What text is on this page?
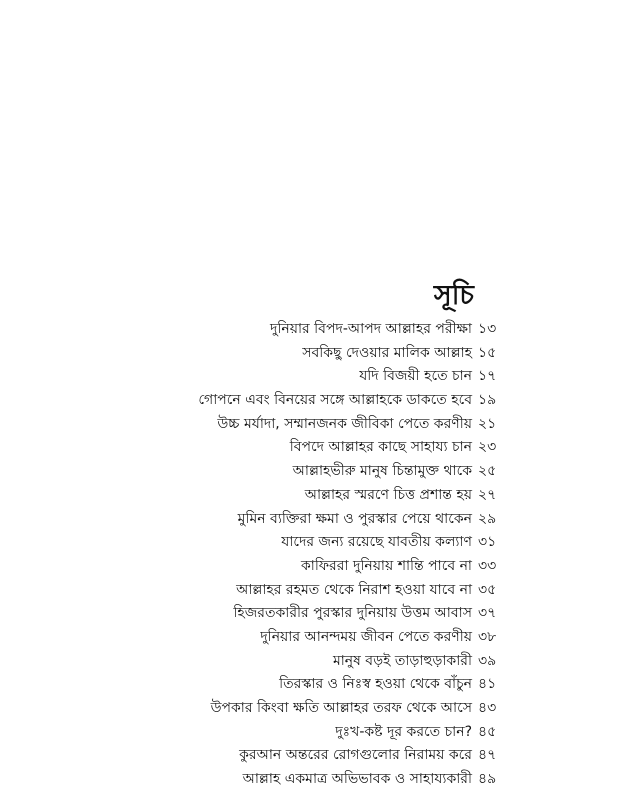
সূচি
দুনিয়ার বিপদ-আপদ আল্লাহর পরীক্ষা ১৩
সবকিছু দেওয়ার মালিক আল্লাহ ১৫
যদি বিজয়ী হতে চান ১৭
গোপনে এবং বিনয়ের সঙ্গে আল্লাহকে ডাকতে হবে ১৯
উচ্চ মর্যাদা, সম্মানজনক জীবিকা পেতে করণীয় ২১
বিপদে আল্লাহর কাছে সাহায্য চান ২৩
আল্লাহভীরু মানুষ চিন্তামুক্ত থাকে ২৫
আল্লাহর স্মরণে চিত্ত প্রশান্ত হয় ২৭
মুমিন ব্যক্তিরা ক্ষমা ও পুরস্কার পেয়ে থাকেন ২৯
যাদের জন্য রয়েছে যাবতীয় কল্যাণ ৩১
কাফিররা দুনিয়ায় শান্তি পাবে না ৩৩
আল্লাহর রহমত থেকে নিরাশ হওয়া যাবে না ৩৫
হিজরতকারীর পুরস্কার দুনিয়ায় উত্তম আবাস ৩৭
দুনিয়ার আনন্দময় জীবন পেতে করণীয় ৩৮
মানুষ বড়ই তাড়াহুড়াকারী ৩৯
তিরস্কার ও নিঃস্ব হওয়া থেকে বাঁচুন ৪১
উপকার কিংবা ক্ষতি আল্লাহর তরফ থেকে আসে ৪৩
দুঃখ-কষ্ট দূর করতে চান? ৪৫
কুরআন অন্তরের রোগগুলোর নিরাময় করে ৪৭
আল্লাহ একমাত্র অভিভাবক ও সাহায্যকারী ৪৯
